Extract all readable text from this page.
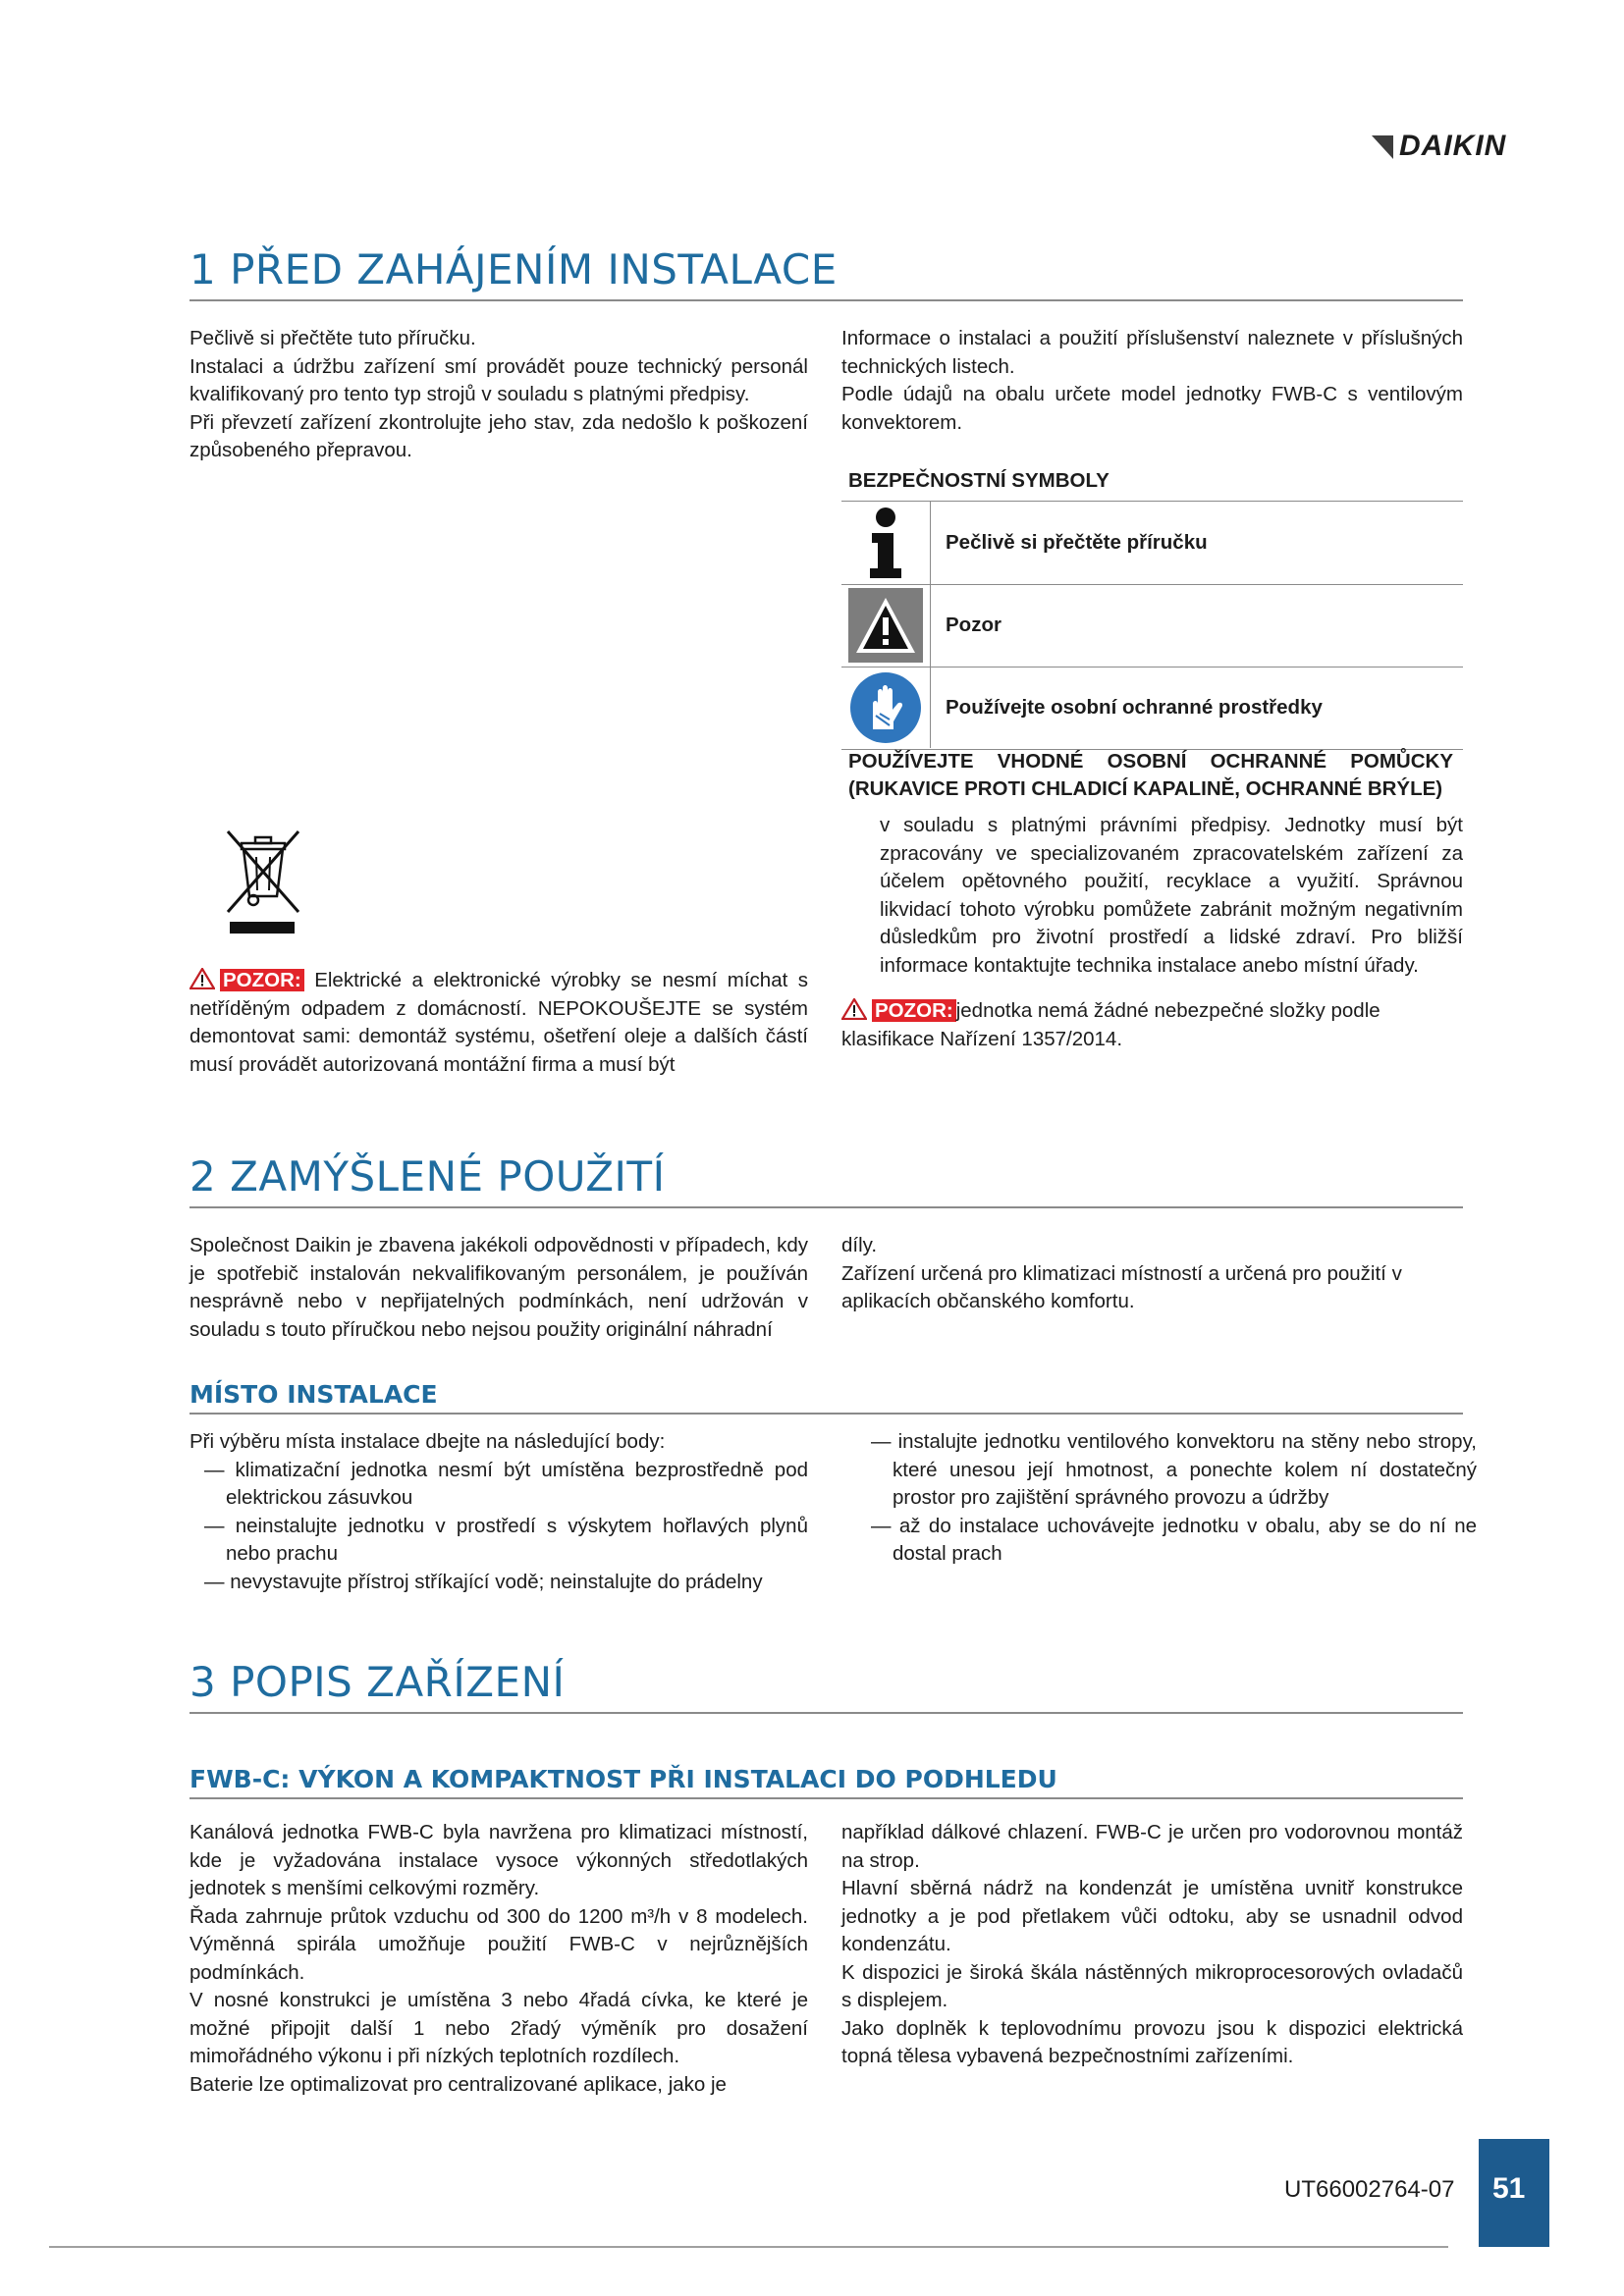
DAIKIN
1 PŘED ZAHÁJENÍM INSTALACE

Pečlivě si přečtěte tuto příručku.

Instalaci a údržbu zařízení smí provádět pouze technický personál kvalifikovaný pro tento typ strojů v souladu s platnými předpisy.

Při převzetí zařízení zkontrolujte jeho stav, zda nedošlo k poškození způsobeného přepravou.

Informace o instalaci a použití příslušenství naleznete v příslušných technických listech.

Podle údajů na obalu určete model jednotky FWB-C s ventilovým konvektorem.

BEZPEČNOSTNÍ SYMBOLY
Pečlivě si přečtěte příručku
Pozor
Používejte osobní ochranné prostředky
POUŽÍVEJTE VHODNÉ OSOBNÍ OCHRANNÉ POMŮCKY (RUKAVICE PROTI CHLADICÍ KAPALINĚ, OCHRANNÉ BRÝLE)
POZOR: Elektrické a elektronické výrobky se nesmí míchat s netříděným odpadem z domácností. NEPOKOUŠEJTE se systém demontovat sami: demontáž systému, ošetření oleje a dalších částí musí provádět autorizovaná montážní firma a musí být
v souladu s platnými právními předpisy. Jednotky musí být zpracovány ve specializovaném zpracovatelském zařízení za účelem opětovného použití, recyklace a využití. Správnou likvidací tohoto výrobku pomůžete zabránit možným negativním důsledkům pro životní prostředí a lidské zdraví. Pro bližší informace kontaktujte technika instalace anebo místní úřady.
POZOR: jednotka nemá žádné nebezpečné složky podle klasifikace Nařízení 1357/2014.
2 ZAMÝŠLENÉ POUŽITÍ

Společnost Daikin je zbavena jakékoli odpovědnosti v případech, kdy je spotřebič instalován nekvalifikovaným personálem, je používán nesprávně nebo v nepřijatelných podmínkách, není udržován v souladu s touto příručkou nebo nejsou použity originální náhradní

díly.

Zařízení určená pro klimatizaci místností a určená pro použití v aplikacích občanského komfortu.

MÍSTO INSTALACE

Při výběru místa instalace dbejte na následující body:

— klimatizační jednotka nesmí být umístěna bezprostředně pod elektrickou zásuvkou
— neinstalujte jednotku v prostředí s výskytem hořlavých plynů nebo prachu
— nevystavujte přístroj stříkající vodě; neinstalujte do prádelny
— instalujte jednotku ventilového konvektoru na stěny nebo stropy, které unesou její hmotnost, a ponechte kolem ní dostatečný prostor pro zajištění správného provozu a údržby
— až do instalace uchovávejte jednotku v obalu, aby se do ní ne dostal prach
3 POPIS ZAŘÍZENÍ
FWB-C: VÝKON A KOMPAKTNOST PŘI INSTALACI DO PODHLEDU

Kanálová jednotka FWB-C byla navržena pro klimatizaci místností, kde je vyžadována instalace vysoce výkonných středotlakých jednotek s menšími celkovými rozměry.

Řada zahrnuje průtok vzduchu od 300 do 1200 m³/h v 8 modelech. Výměnná spirála umožňuje použití FWB-C v nejrůznějších podmínkách.

V nosné konstrukci je umístěna 3 nebo 4řadá cívka, ke které je možné připojit další 1 nebo 2řadý výměník pro dosažení mimořádného výkonu i při nízkých teplotních rozdílech.

Baterie lze optimalizovat pro centralizované aplikace, jako je

například dálkové chlazení. FWB-C je určen pro vodorovnou montáž na strop.

Hlavní sběrná nádrž na kondenzát je umístěna uvnitř konstrukce jednotky a je pod přetlakem vůči odtoku, aby se usnadnil odvod kondenzátu.

K dispozici je široká škála nástěnných mikroprocesorových ovladačů s displejem.

Jako doplněk k teplovodnímu provozu jsou k dispozici elektrická topná tělesa vybavená bezpečnostními zařízeními.

UT66002764-07 51
